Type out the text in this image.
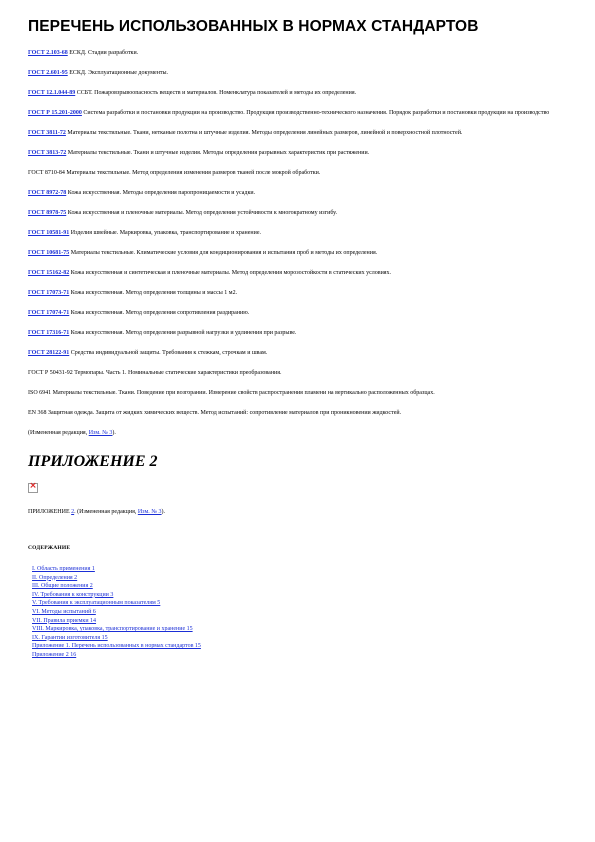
ПЕРЕЧЕНЬ ИСПОЛЬЗОВАННЫХ В НОРМАХ СТАНДАРТОВ

ГОСТ 2.103-68 ЕСКД. Стадии разработки.

ГОСТ 2.601-95 ЕСКД. Эксплуатационные документы.

ГОСТ 12.1.044-89 ССБТ. Пожаровзрывоопасность веществ и материалов. Номенклатура показателей и методы их определения.

ГОСТ Р 15.201-2000 Система разработки и постановки продукции на производство. Продукция производственно-технического назначения. Порядок разработки и постановки продукции на производство

ГОСТ 3811-72 Материалы текстильные. Ткани, нетканые полотна и штучные изделия. Методы определения линейных размеров, линейной и поверхностной плотностей.

ГОСТ 3813-72 Материалы текстильные. Ткани и штучные изделия. Методы определения разрывных характеристик при растяжении.

ГОСТ 8710-84 Материалы текстильные. Метод определения изменения размеров тканей после мокрой обработки.

ГОСТ 8972-78 Кожа искусственная. Методы определения паропроницаемости и усадки.

ГОСТ 8978-75 Кожа искусственная и пленочные материалы. Метод определения устойчивости к многократному изгибу.

ГОСТ 10581-91 Изделия швейные. Маркировка, упаковка, транспортирование и хранение.

ГОСТ 10681-75 Материалы текстильные. Климатические условия для кондиционирования и испытания проб и методы их определения.

ГОСТ 15162-82 Кожа искусственная и синтетическая и пленочные материалы. Метод определения морозостойкости в статических условиях.

ГОСТ 17073-71 Кожа искусственная. Метод определения толщины и массы 1 м2.

ГОСТ 17074-71 Кожа искусственная. Метод определения сопротивления раздиранию.

ГОСТ 17316-71 Кожа искусственная. Метод определения разрывной нагрузки и удлинения при разрыве.

ГОСТ 28122-91 Средства индивидуальной защиты. Требования к стежкам, строчкам и швам.

ГОСТ Р 50431-92 Термопары. Часть 1. Номинальные статические характеристики преобразования.

ISO 6941 Материалы текстильные. Ткани. Поведение при возгорании. Измерение свойств распространения пламени на вертикально расположенных образцах.

EN 368 Защитная одежда. Защита от жидких химических веществ. Метод испытаний: сопротивление материалов при проникновении жидкостей.

(Измененная редакция, Изм. № 3).

ПРИЛОЖЕНИЕ 2
×

ПРИЛОЖЕНИЕ 2. (Измененная редакция, Изм. № 3).

СОДЕРЖАНИЕ
I. Область применения 1
II. Определения 2
III. Общие положения 2
IV. Требования к конструкции 3
V. Требования к эксплуатационным показателям 5
VI. Методы испытаний 6
VII. Правила приемки 14
VIII. Маркировка, упаковка, транспортирование и хранение 15
IX. Гарантии изготовителя 15
Приложение 1. Перечень использованных в нормах стандартов 15
Приложение 2 16
